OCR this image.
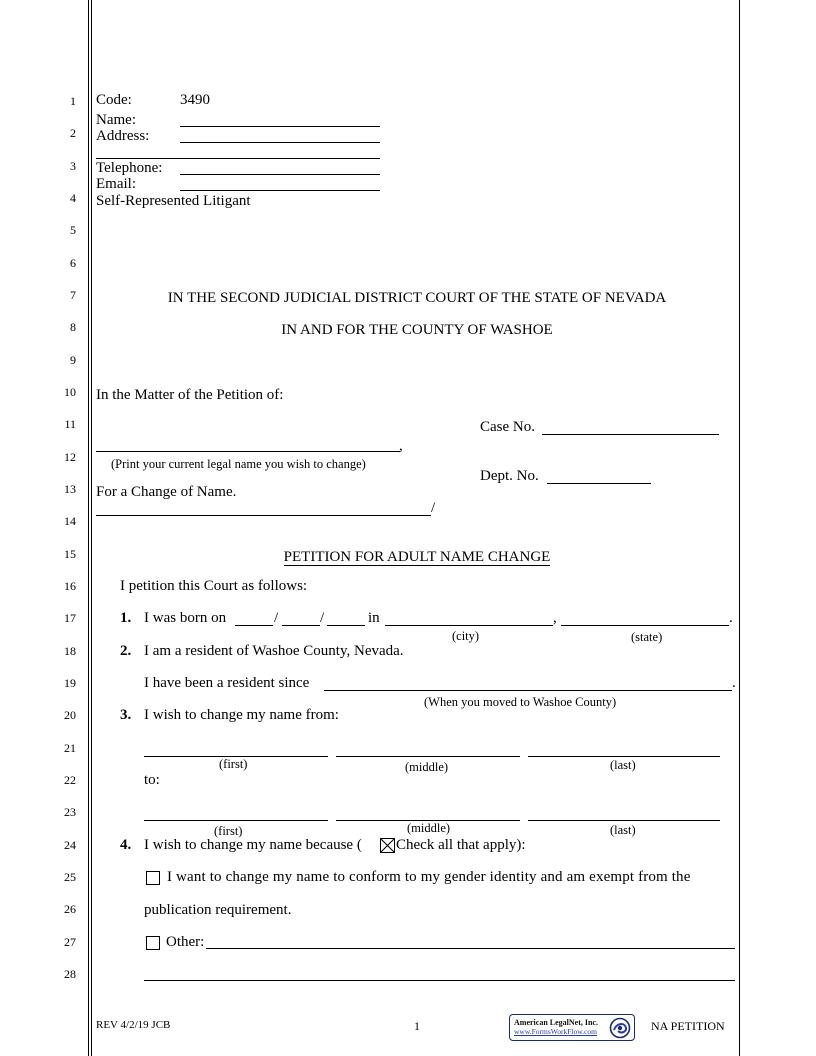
1
2
3
4
5
6
7
8
9
10
11
12
13
14
15
16
17
18
19
20
21
22
23
24
25
26
27
28
Code:	3490
Name:
Address:
Telephone:
Email:
Self-Represented Litigant
IN THE SECOND JUDICIAL DISTRICT COURT OF THE STATE OF NEVADA
IN AND FOR THE COUNTY OF WASHOE
In the Matter of the Petition of:
Case No.
,
(Print your current legal name you wish to change)
Dept. No.
For a Change of Name.
/
PETITION FOR ADULT NAME CHANGE
I petition this Court as follows:
1. I was born on	/	/	in	,	.
(city)	(state)
2. I am a resident of Washoe County, Nevada.
I have been a resident since	.
(When you moved to Washoe County)
3. I wish to change my name from:
(first)	(middle)	(last)
to:
(first)	(middle)	(last)
4. I wish to change my name because ( Check all that apply):
I want to change my name to conform to my gender identity and am exempt from the
publication requirement.
Other:
REV 4/2/19 JCB	1	American LegalNet, Inc.
www.FormsWorkFlow.com	NA PETITION
